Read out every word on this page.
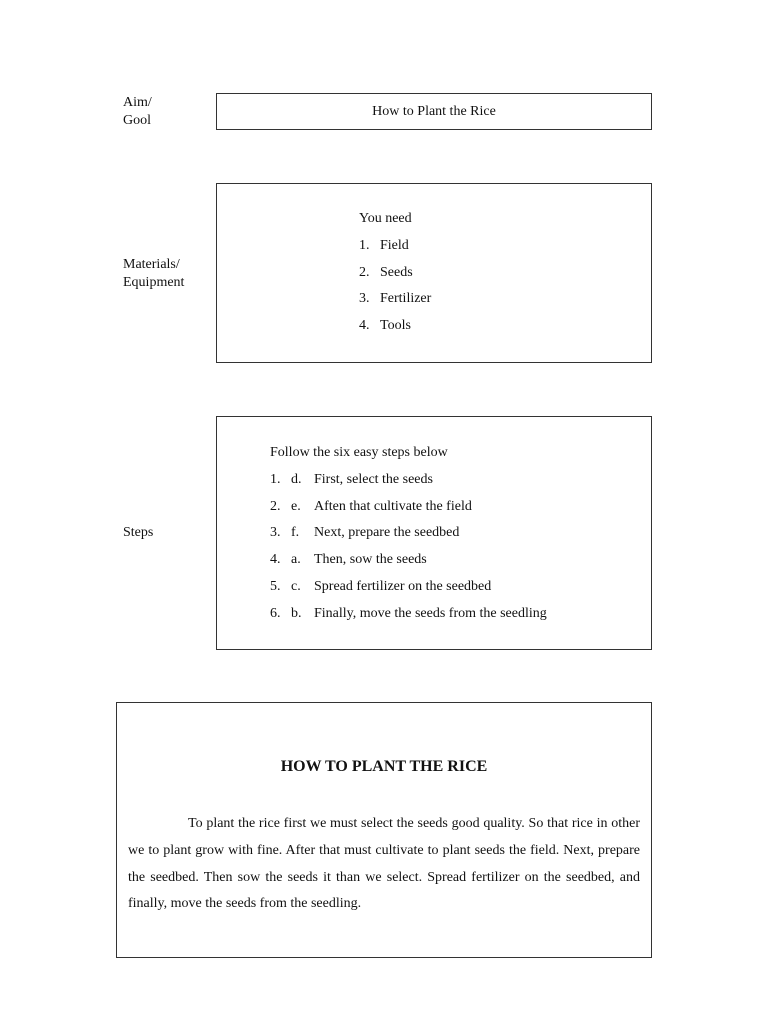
Aim/
Gool
How to Plant the Rice
Materials/
Equipment
You need
1. Field
2. Seeds
3. Fertilizer
4. Tools
Steps
Follow the six easy steps below
1. d. First, select the seeds
2. e. Aften that cultivate the field
3. f.	Next, prepare the seedbed
4. a. Then, sow the seeds
5. c. Spread fertilizer on the seedbed
6. b. Finally, move the seeds from the seedling
HOW TO PLANT THE RICE
To plant the rice first we must select the seeds good quality. So that rice in other we to plant grow with fine. After that must cultivate to plant seeds the field. Next, prepare the seedbed. Then sow the seeds it than we select. Spread fertilizer on the seedbed, and finally, move the seeds from the seedling.
